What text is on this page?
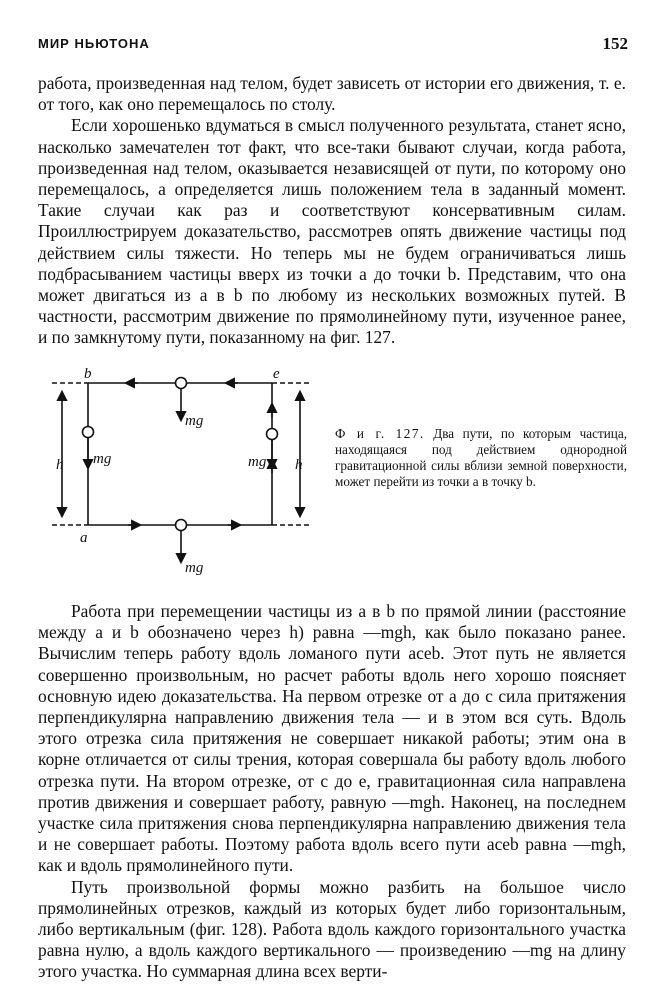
МИР НЬЮТОНА	152

работа, произведенная над телом, будет зависеть от истории его движения, т. е. от того, как оно перемещалось по столу.

Если хорошенько вдуматься в смысл полученного результата, станет ясно, насколько замечателен тот факт, что все-таки бывают случаи, когда работа, произведенная над телом, оказывается независящей от пути, по которому оно перемещалось, а определяется лишь положением тела в заданный момент. Такие случаи как раз и соответствуют консервативным силам. Проиллюстрируем доказательство, рассмотрев опять движение частицы под действием силы тяжести. Но теперь мы не будем ограничиваться лишь подбрасыванием частицы вверх из точки a до точки b. Представим, что она может двигаться из a в b по любому из нескольких возможных путей. В частности, рассмотрим движение по прямолинейному пути, изученное ранее, и по замкнутому пути, показанному на фиг. 127.

b	e
a
h	h
mg
mg	mg
mg
Ф и г. 127. Два пути, по которым частица, находящаяся под действием однородной гравитационной силы вблизи земной поверхности, может перейти из точки a в точку b.

Работа при перемещении частицы из a в b по прямой линии (расстояние между a и b обозначено через h) равна —mgh, как было показано ранее. Вычислим теперь работу вдоль ломаного пути aceb. Этот путь не является совершенно произвольным, но расчет работы вдоль него хорошо поясняет основную идею доказательства. На первом отрезке от a до c сила притяжения перпендикулярна направлению движения тела — и в этом вся суть. Вдоль этого отрезка сила притяжения не совершает никакой работы; этим она в корне отличается от силы трения, которая совершала бы работу вдоль любого отрезка пути. На втором отрезке, от c до e, гравитационная сила направлена против движения и совершает работу, равную —mgh. Наконец, на последнем участке сила притяжения снова перпендикулярна направлению движения тела и не совершает работы. Поэтому работа вдоль всего пути aceb равна —mgh, как и вдоль прямолинейного пути.

Путь произвольной формы можно разбить на большое число прямолинейных отрезков, каждый из которых будет либо горизонтальным, либо вертикальным (фиг. 128). Работа вдоль каждого горизонтального участка равна нулю, а вдоль каждого вертикального — произведению —mg на длину этого участка. Но суммарная длина всех верти-
